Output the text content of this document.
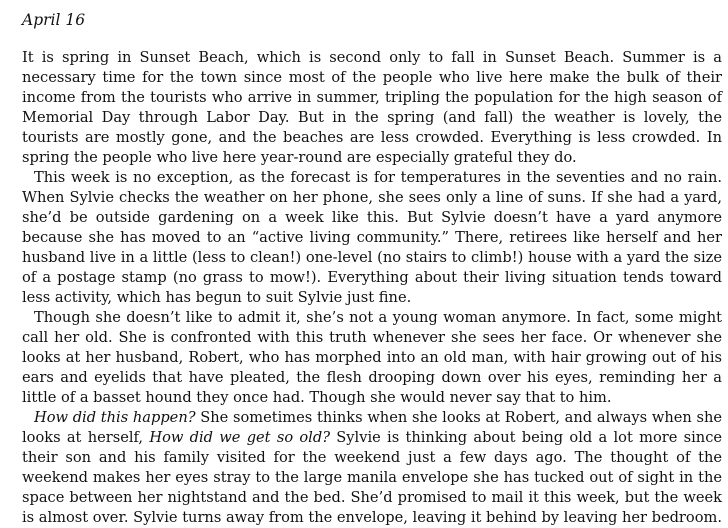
April 16

It is spring in Sunset Beach, which is second only to fall in Sunset Beach. Summer is a necessary time for the town since most of the people who live here make the bulk of their income from the tourists who arrive in summer, tripling the population for the high season of Memorial Day through Labor Day. But in the spring (and fall) the weather is lovely, the tourists are mostly gone, and the beaches are less crowded. Everything is less crowded. In spring the people who live here year-round are especially grateful they do.

This week is no exception, as the forecast is for temperatures in the seventies and no rain. When Sylvie checks the weather on her phone, she sees only a line of suns. If she had a yard, she’d be outside gardening on a week like this. But Sylvie doesn’t have a yard anymore because she has moved to an “active living community.” There, retirees like herself and her husband live in a little (less to clean!) one-level (no stairs to climb!) house with a yard the size of a postage stamp (no grass to mow!). Everything about their living situation tends toward less activity, which has begun to suit Sylvie just fine.

Though she doesn’t like to admit it, she’s not a young woman anymore. In fact, some might call her old. She is confronted with this truth whenever she sees her face. Or whenever she looks at her husband, Robert, who has morphed into an old man, with hair growing out of his ears and eyelids that have pleated, the flesh drooping down over his eyes, reminding her a little of a basset hound they once had. Though she would never say that to him.

How did this happen? She sometimes thinks when she looks at Robert, and always when she looks at herself, How did we get so old? Sylvie is thinking about being old a lot more since their son and his family visited for the weekend just a few days ago. The thought of the weekend makes her eyes stray to the large manila envelope she has tucked out of sight in the space between her nightstand and the bed. She’d promised to mail it this week, but the week is almost over. Sylvie turns away from the envelope, leaving it behind by leaving her bedroom.
